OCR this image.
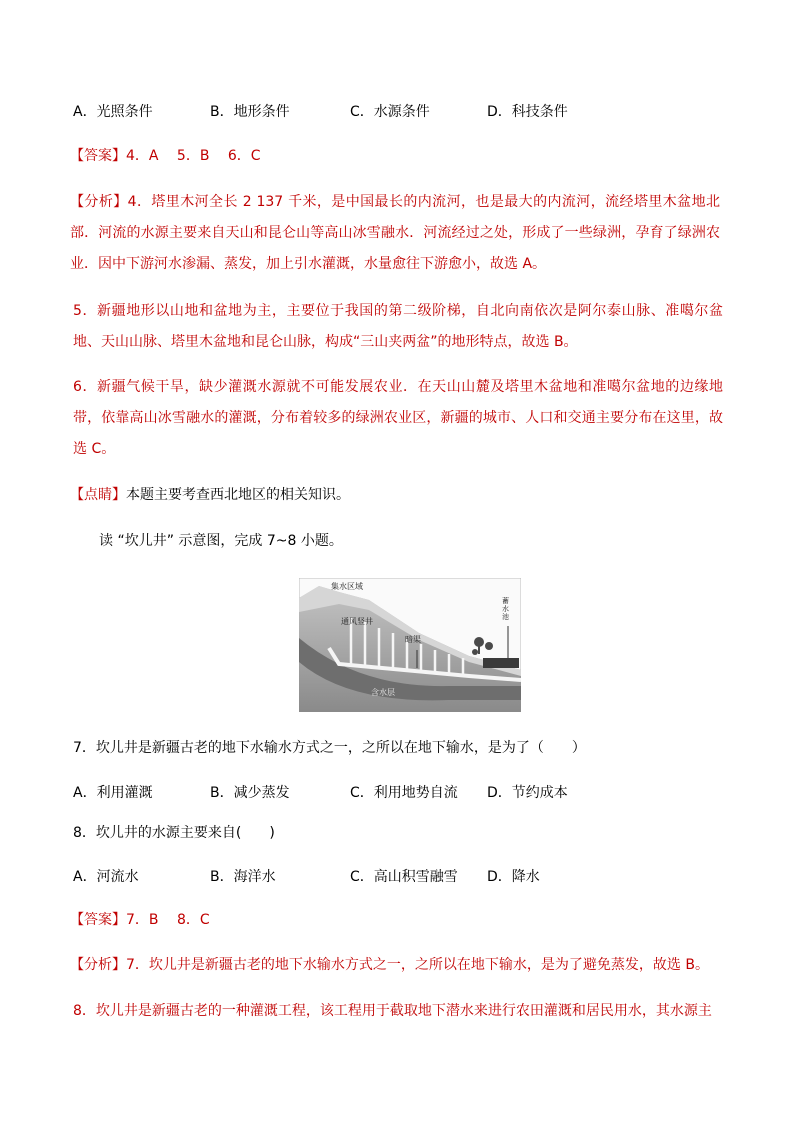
A．光照条件	B．地形条件	C．水源条件	D．科技条件
【答案】4．A　 5．B　 6．C
【分析】4．塔里木河全长 2 137 千米，是中国最长的内流河，也是最大的内流河，流经塔里木盆地北部．河流的水源主要来自天山和昆仑山等高山冰雪融水．河流经过之处，形成了一些绿洲，孕育了绿洲农业．因中下游河水渗漏、蒸发，加上引水灌溉，水量愈往下游愈小，故选 A。
5．新疆地形以山地和盆地为主，主要位于我国的第二级阶梯，自北向南依次是阿尔泰山脉、准噶尔盆地、天山山脉、塔里木盆地和昆仑山脉，构成“三山夹两盆”的地形特点，故选 B。
6．新疆气候干旱，缺少灌溉水源就不可能发展农业．在天山山麓及塔里木盆地和准噶尔盆地的边缘地带，依靠高山冰雪融水的灌溉，分布着较多的绿洲农业区，新疆的城市、人口和交通主要分布在这里，故选 C。
【点睛】本题主要考查西北地区的相关知识。
读 “坎儿井” 示意图，完成 7~8 小题。
集水区域
通风竖井
暗渠
蓄 水 池
含水层
7．坎儿井是新疆古老的地下水输水方式之一，之所以在地下输水，是为了（　　）
A．利用灌溉	B．减少蒸发	C．利用地势自流 D．节约成本
8．坎儿井的水源主要来自(　　)
A．河流水	B．海洋水	C．高山积雪融雪 D．降水
【答案】7．B　 8．C
【分析】7．坎儿井是新疆古老的地下水输水方式之一，之所以在地下输水，是为了避免蒸发，故选 B。
8．坎儿井是新疆古老的一种灌溉工程，该工程用于截取地下潜水来进行农田灌溉和居民用水，其水源主
